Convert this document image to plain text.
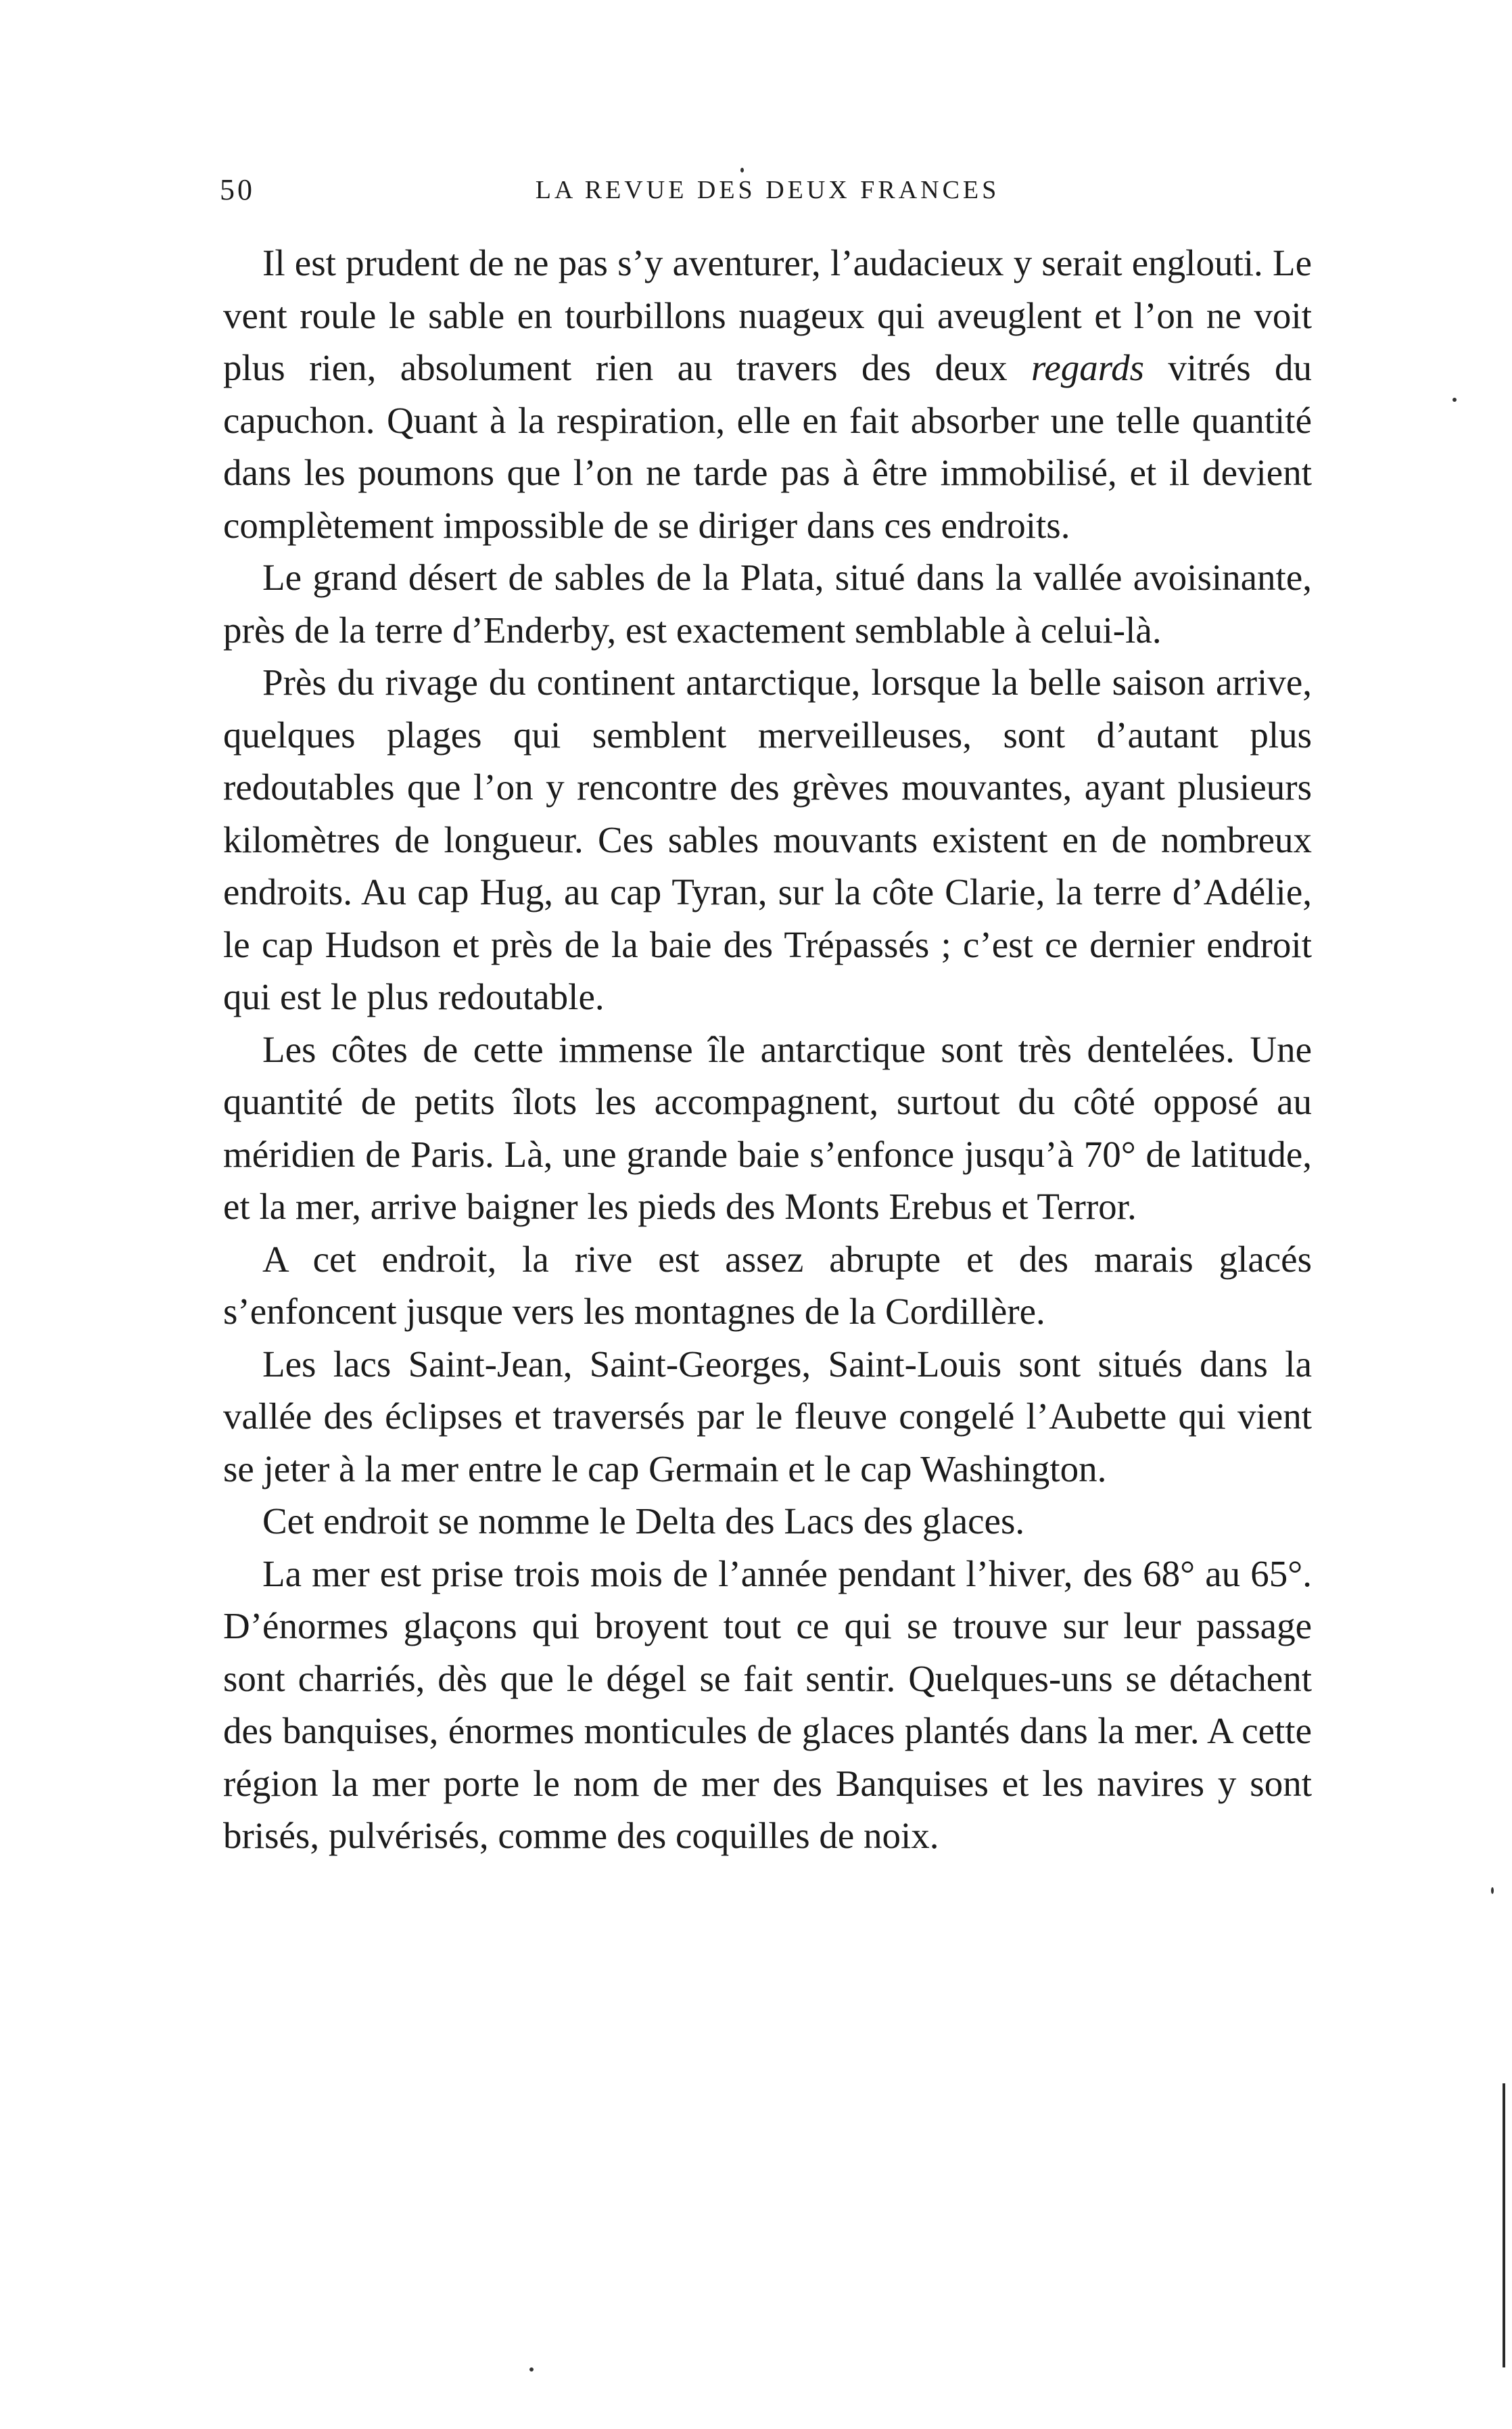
50	LA REVUE DES DEUX FRANCES

Il est prudent de ne pas s’y aventurer, l’audacieux y serait englouti. Le vent roule le sable en tourbillons nuageux qui aveuglent et l’on ne voit plus rien, absolument rien au travers des deux regards vitrés du capuchon. Quant à la respiration, elle en fait absorber une telle quantité dans les poumons que l’on ne tarde pas à être immobilisé, et il devient complètement impossible de se diriger dans ces endroits.

Le grand désert de sables de la Plata, situé dans la vallée avoisinante, près de la terre d’Enderby, est exactement semblable à celui-là.

Près du rivage du continent antarctique, lorsque la belle saison arrive, quelques plages qui semblent merveilleuses, sont d’autant plus redoutables que l’on y rencontre des grèves mouvantes, ayant plusieurs kilomètres de longueur. Ces sables mouvants existent en de nombreux endroits. Au cap Hug, au cap Tyran, sur la côte Clarie, la terre d’Adélie, le cap Hudson et près de la baie des Trépassés ; c’est ce dernier endroit qui est le plus redoutable.

Les côtes de cette immense île antarctique sont très dentelées. Une quantité de petits îlots les accompagnent, surtout du côté opposé au méridien de Paris. Là, une grande baie s’enfonce jusqu’à 70° de latitude, et la mer, arrive baigner les pieds des Monts Erebus et Terror.

A cet endroit, la rive est assez abrupte et des marais glacés s’enfoncent jusque vers les montagnes de la Cordillère.

Les lacs Saint-Jean, Saint-Georges, Saint-Louis sont situés dans la vallée des éclipses et traversés par le fleuve congelé l’Aubette qui vient se jeter à la mer entre le cap Germain et le cap Washington.

Cet endroit se nomme le Delta des Lacs des glaces.

La mer est prise trois mois de l’année pendant l’hiver, des 68° au 65°. D’énormes glaçons qui broyent tout ce qui se trouve sur leur passage sont charriés, dès que le dégel se fait sentir. Quelques-uns se détachent des banquises, énormes monticules de glaces plantés dans la mer. A cette région la mer porte le nom de mer des Banquises et les navires y sont brisés, pulvérisés, comme des coquilles de noix.
